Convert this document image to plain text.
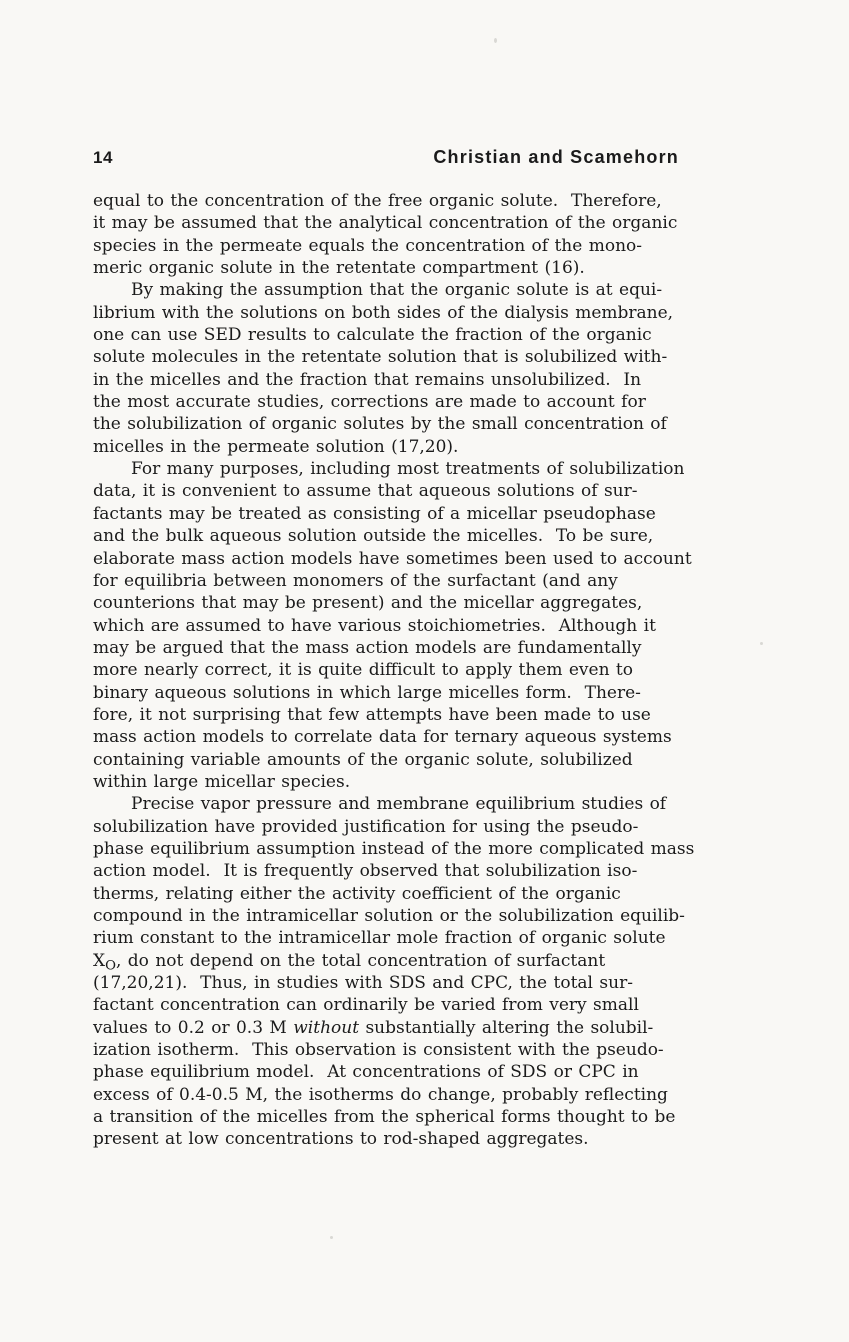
14	Christian and Scamehorn
equal to the concentration of the free organic solute.  Therefore,
it may be assumed that the analytical concentration of the organic
species in the permeate equals the concentration of the mono-
meric organic solute in the retentate compartment (16).
By making the assumption that the organic solute is at equi-
librium with the solutions on both sides of the dialysis membrane,
one can use SED results to calculate the fraction of the organic
solute molecules in the retentate solution that is solubilized with-
in the micelles and the fraction that remains unsolubilized.  In
the most accurate studies, corrections are made to account for
the solubilization of organic solutes by the small concentration of
micelles in the permeate solution (17,20).
For many purposes, including most treatments of solubilization
data, it is convenient to assume that aqueous solutions of sur-
factants may be treated as consisting of a micellar pseudophase
and the bulk aqueous solution outside the micelles.  To be sure,
elaborate mass action models have sometimes been used to account
for equilibria between monomers of the surfactant (and any
counterions that may be present) and the micellar aggregates,
which are assumed to have various stoichiometries.  Although it
may be argued that the mass action models are fundamentally
more nearly correct, it is quite difficult to apply them even to
binary aqueous solutions in which large micelles form.  There-
fore, it not surprising that few attempts have been made to use
mass action models to correlate data for ternary aqueous systems
containing variable amounts of the organic solute, solubilized
within large micellar species.
Precise vapor pressure and membrane equilibrium studies of
solubilization have provided justification for using the pseudo-
phase equilibrium assumption instead of the more complicated mass
action model.  It is frequently observed that solubilization iso-
therms, relating either the activity coefficient of the organic
compound in the intramicellar solution or the solubilization equilib-
rium constant to the intramicellar mole fraction of organic solute
$X_O$, do not depend on the total concentration of surfactant
(17,20,21).  Thus, in studies with SDS and CPC, the total sur-
factant concentration can ordinarily be varied from very small
values to 0.2 or 0.3 M without substantially altering the solubil-
ization isotherm.  This observation is consistent with the pseudo-
phase equilibrium model.  At concentrations of SDS or CPC in
excess of 0.4-0.5 M, the isotherms do change, probably reflecting
a transition of the micelles from the spherical forms thought to be
present at low concentrations to rod-shaped aggregates.
